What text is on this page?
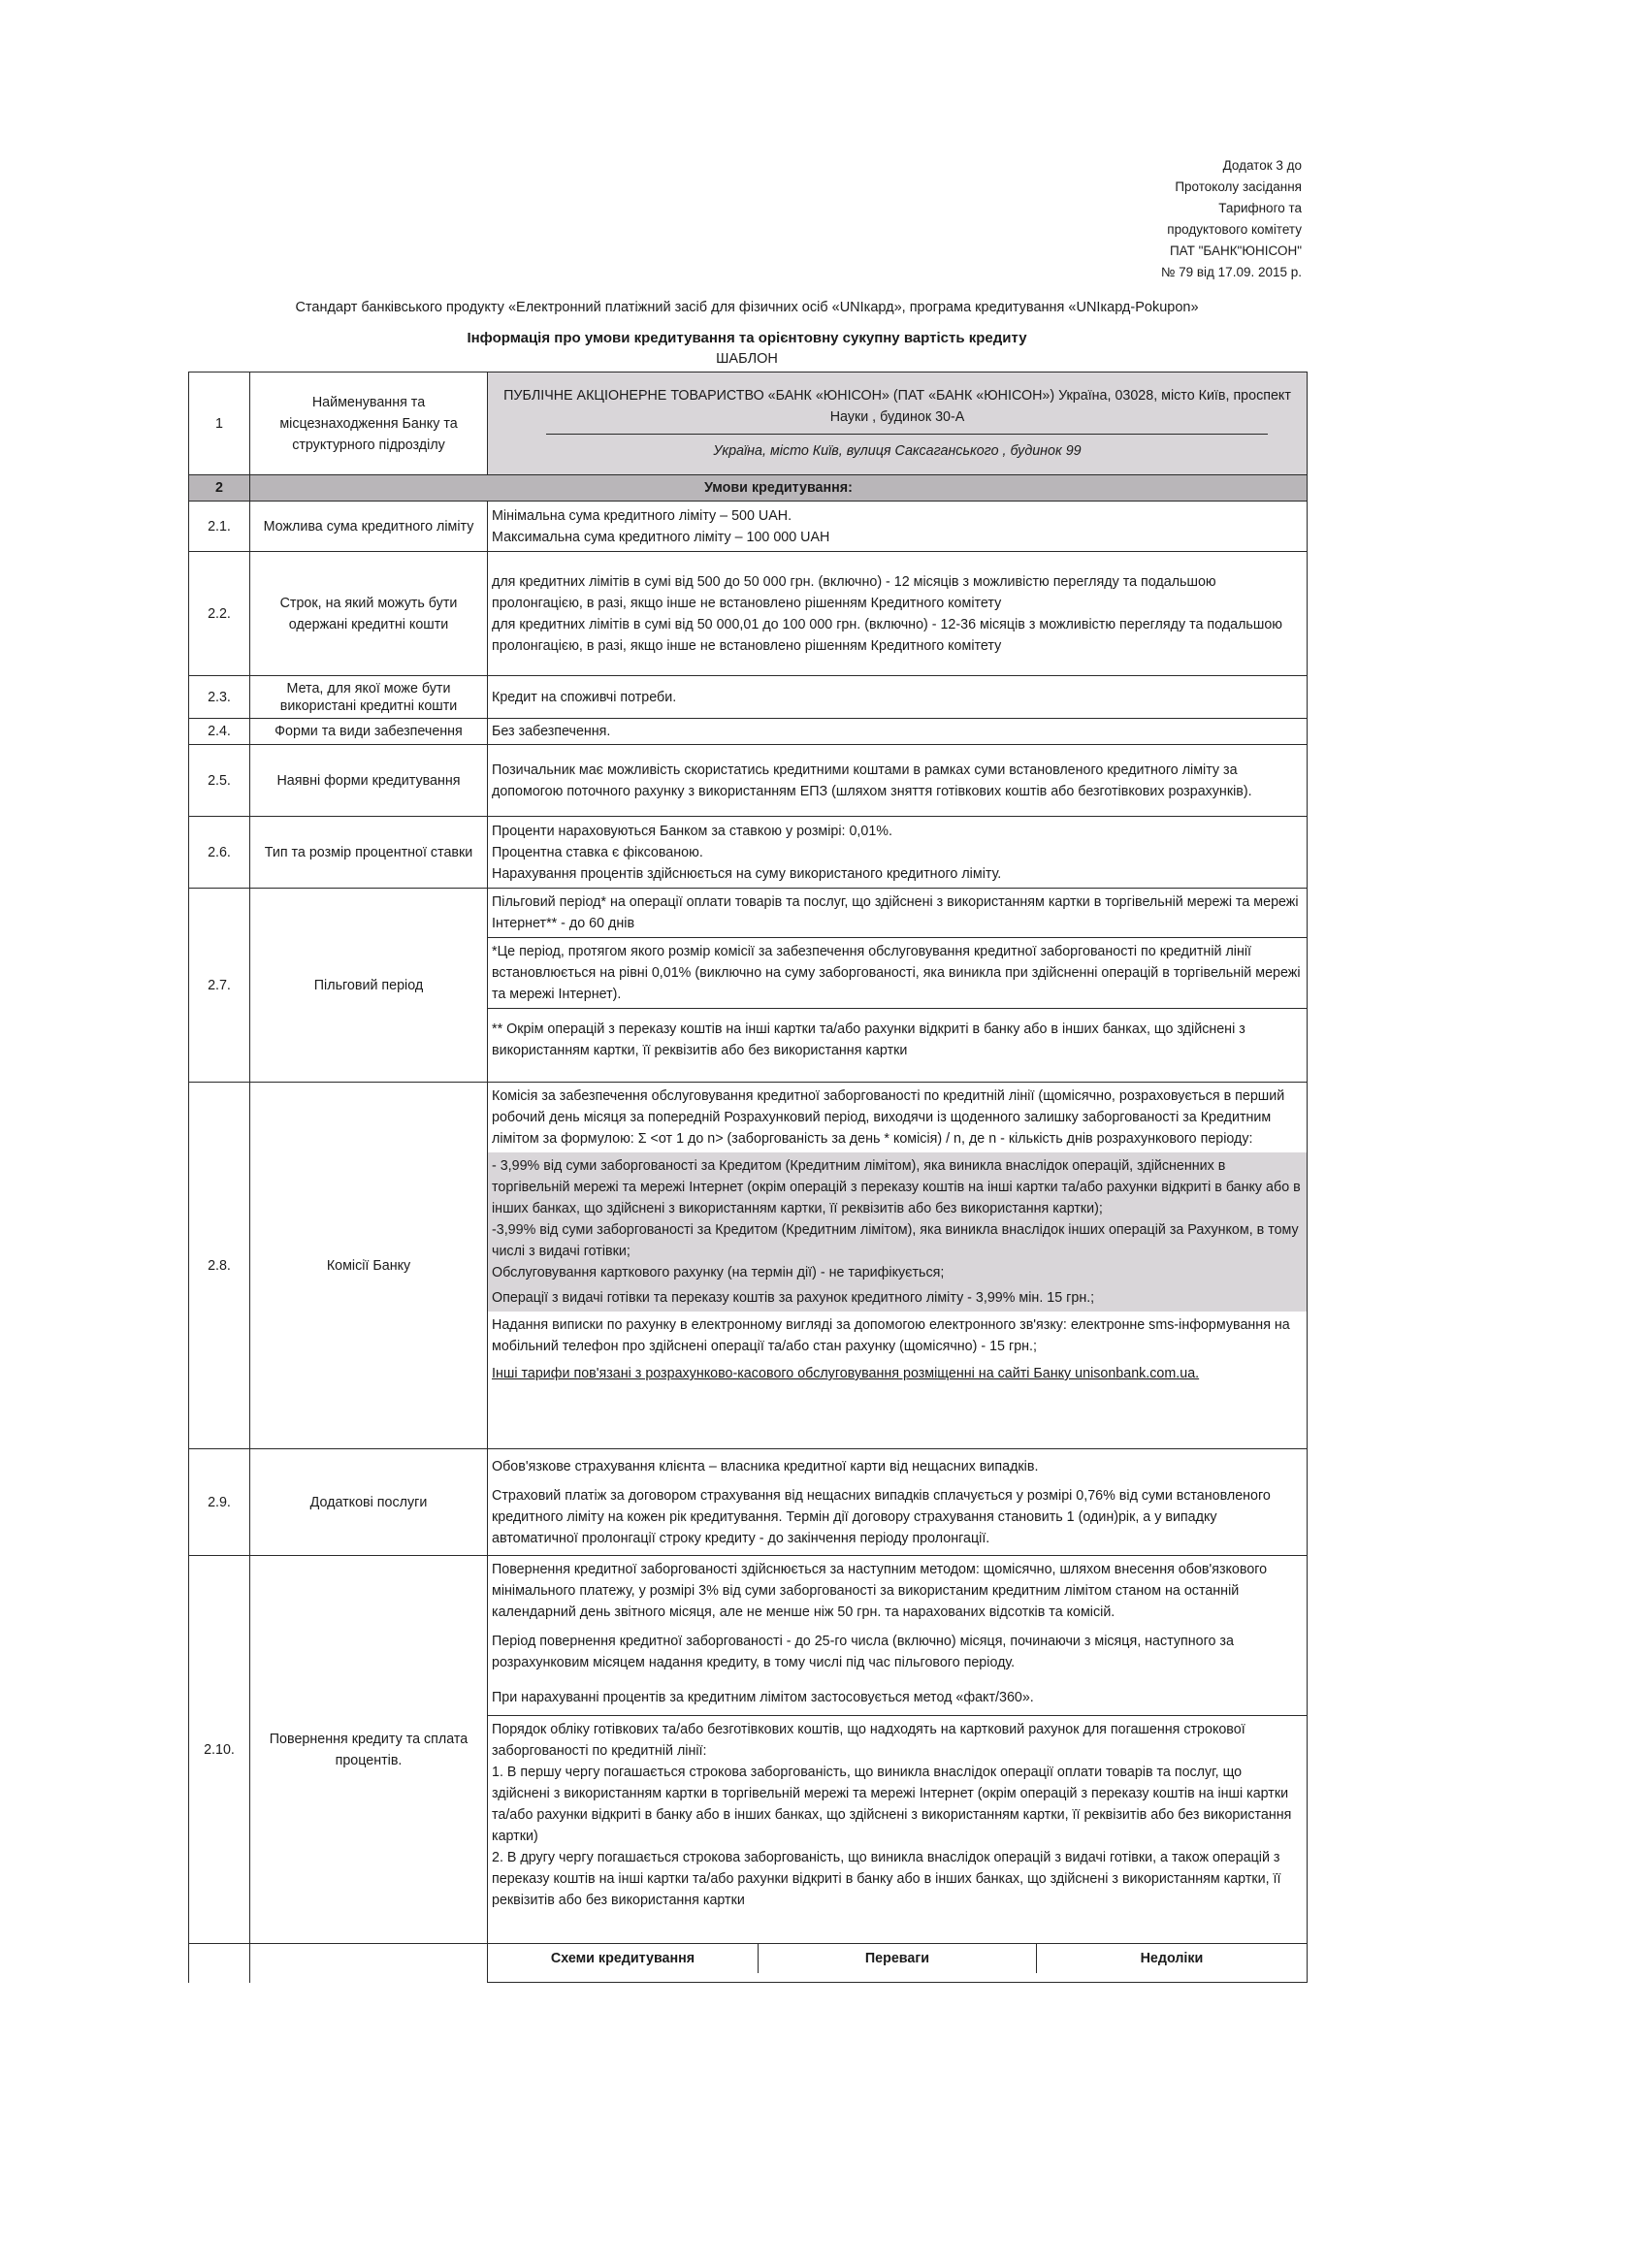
Додаток 3 до
Протоколу засідання
Тарифного та
продуктового комітету
ПАТ "БАНК"ЮНІСОН"
№ 79 від 17.09. 2015 р.
Стандарт банківського продукту «Електронний платіжний засіб для фізичних осіб «UNIкард», програма кредитування «UNIкард-Pokupon»
Інформація про умови кредитування та орієнтовну сукупну вартість кредиту
ШАБЛОН
1	Найменування та місцезнаходження Банку та структурного підрозділу	
ПУБЛІЧНЕ АКЦІОНЕРНЕ ТОВАРИСТВО «БАНК «ЮНІСОН» (ПАТ «БАНК «ЮНІСОН») Україна, 03028, місто Київ, проспект Науки , будинок 30-А
Україна, місто Київ, вулиця Саксаганського , будинок 99

2	Умови кредитування:
2.1.	Можлива сума кредитного ліміту	
Мінімальна сума кредитного ліміту – 500 UAH.
Максимальна сума кредитного ліміту – 100 000 UAH

2.2.	Строк, на який можуть бути одержані кредитні кошти	
для кредитних лімітів в сумі від 500 до 50 000 грн. (включно) - 12 місяців з можливістю перегляду та подальшою пролонгацією, в разі, якщо інше не встановлено рішенням Кредитного комітету
для кредитних лімітів в сумі від 50 000,01 до 100 000 грн. (включно) - 12-36 місяців з можливістю перегляду та подальшою пролонгацією, в разі, якщо інше не встановлено рішенням Кредитного комітету

2.3.	Мета, для якої може бути використані кредитні кошти	Кредит на споживчі потреби.
2.4.	Форми та види забезпечення	Без забезпечення.
2.5.	Наявні форми кредитування	Позичальник має можливість скористатись кредитними коштами в рамках суми встановленого кредитного ліміту за допомогою поточного рахунку з використанням ЕПЗ (шляхом зняття готівкових коштів або безготівкових розрахунків).
2.6.	Тип та розмір процентної ставки	
Проценти нараховуються Банком за ставкою у розмірі: 0,01%.
Процентна ставка є фіксованою.
Нарахування процентів здійснюється на суму використаного кредитного ліміту.

2.7.	Пільговий період	
Пільговий період* на операції оплати товарів та послуг, що здійснені з використанням картки в торгівельній мережі та мережі Інтернет** - до 60 днів
*Це період, протягом якого розмір комісії за забезпечення обслуговування кредитної заборгованості по кредитній лінії встановлюється на рівні 0,01% (виключно на суму заборгованості, яка виникла при здійсненні операцій в торгівельній мережі та мережі Інтернет).
** Окрім операцій з переказу коштів на інші картки та/або рахунки відкриті в банку або в інших банках, що здійснені з використанням картки, її реквізитів або без використання картки

2.8.	Комісії Банку	
Комісія за забезпечення обслуговування кредитної заборгованості по кредитній лінії (щомісячно, розраховується в перший робочий день місяця за попередній Розрахунковий період, виходячи із щоденного залишку заборгованості за Кредитним лімітом за формулою: Σ <от 1 до n> (заборгованість за день * комісія) / n, де n - кількість днів розрахункового періоду:
- 3,99% від суми заборгованості за Кредитом (Кредитним лімітом), яка виникла внаслідок операцій, здійсненних в торгівельній мережі та мережі Інтернет (окрім операцій з переказу коштів на інші картки та/або рахунки відкриті в банку або в інших банках, що здійснені з використанням картки, її реквізитів або без використання картки);
-3,99% від суми заборгованості за Кредитом (Кредитним лімітом), яка виникла внаслідок інших операцій за Рахунком, в тому числі з видачі готівки;
Обслуговування карткового рахунку (на термін дії) - не тарифікується;
Операції з видачі готівки та переказу коштів за рахунок кредитного ліміту - 3,99% мін. 15 грн.;
Надання виписки по рахунку в електронному вигляді за допомогою електронного зв'язку: електронне sms-інформування на мобільний телефон про здійснені операції та/або стан рахунку (щомісячно) - 15 грн.;
Інші тарифи пов'язані з розрахунково-касового обслуговування розміщенні на сайті Банку unisonbank.com.ua.

2.9.	Додаткові послуги	
Обов'язкове страхування клієнта – власника кредитної карти від нещасних випадків.
Страховий платіж за договором страхування від нещасних випадків сплачується у розмірі 0,76% від суми встановленого кредитного ліміту на кожен рік кредитування. Термін дії договору страхування становить 1 (один)рік, а у випадку автоматичної пролонгації строку кредиту - до закінчення періоду пролонгації.

2.10.	Повернення кредиту та сплата процентів.	
Повернення кредитної заборгованості здійснюється за наступним методом: щомісячно, шляхом внесення обов'язкового мінімального платежу, у розмірі 3% від суми заборгованості за використаним кредитним лімітом станом на останній календарний день звітного місяця, але не менше ніж 50 грн. та нарахованих відсотків та комісій.
Період повернення кредитної заборгованості - до 25-го числа (включно) місяця, починаючи з місяця, наступного за розрахунковим місяцем надання кредиту, в тому числі під час пільгового періоду.
При нарахуванні процентів за кредитним лімітом застосовується метод «факт/360».
Порядок обліку готівкових та/або безготівкових коштів, що надходять на картковий рахунок для погашення строкової заборгованості по кредитній лінії:
1. В першу чергу погашається строкова заборгованість, що виникла внаслідок операції оплати товарів та послуг, що здійснені з використанням картки в торгівельній мережі та мережі Інтернет (окрім операцій з переказу коштів на інші картки та/або рахунки відкриті в банку або в інших банках, що здійснені з використанням картки, її реквізитів або без використання картки)
2. В другу чергу погашається строкова заборгованість, що виникла внаслідок операцій з видачі готівки, а також операцій з переказу коштів на інші картки та/або рахунки відкриті в банку або в інших банках, що здійснені з використанням картки, її реквізитів або без використання картки

Схеми кредитування	Переваги	Недоліки
